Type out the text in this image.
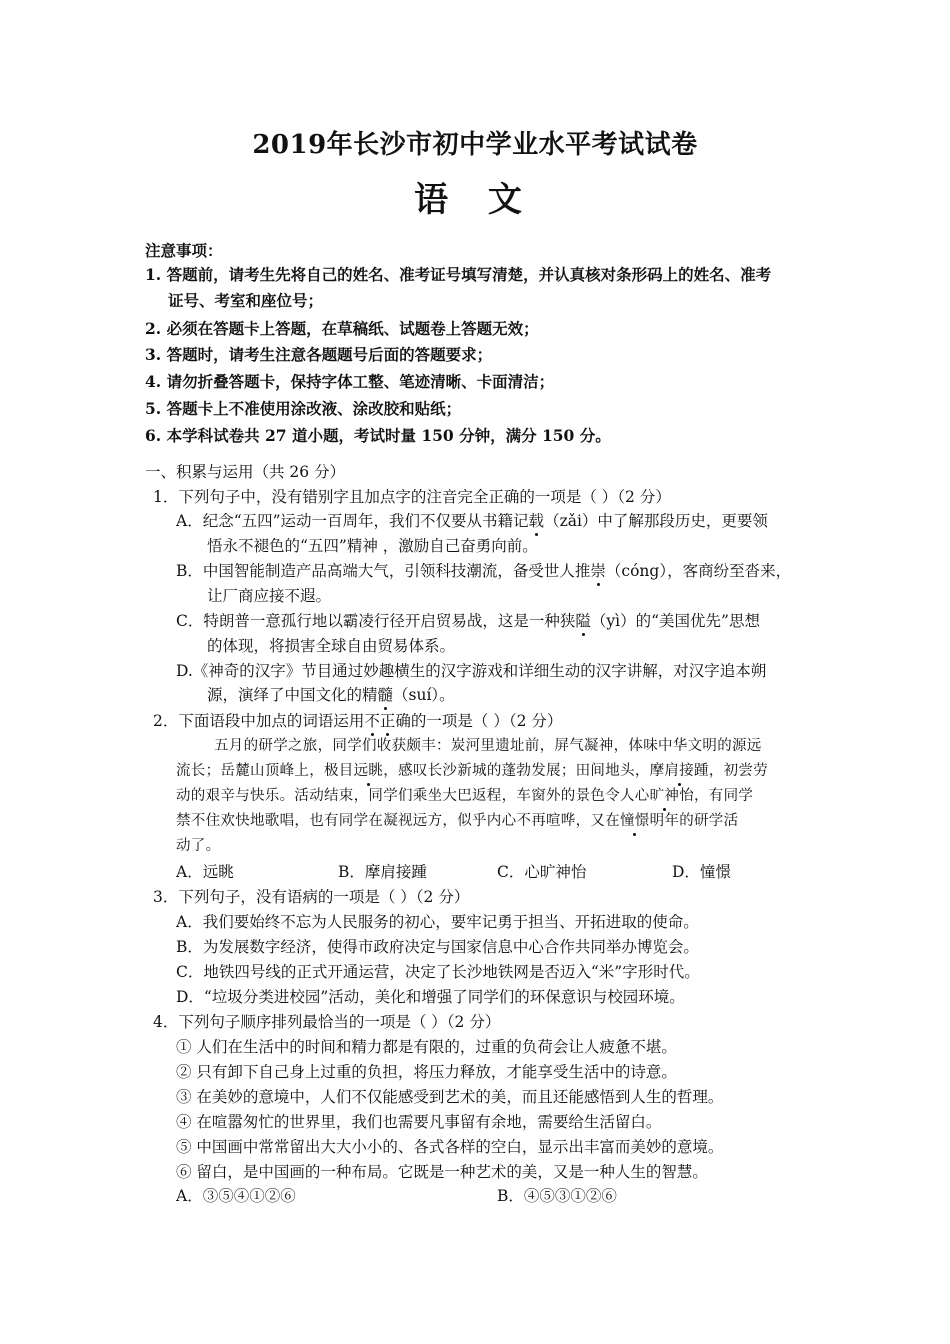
2019年长沙市初中学业水平考试试卷
语 文
注意事项：
1. 答题前，请考生先将自己的姓名、准考证号填写清楚，并认真核对条形码上的姓名、准考
证号、考室和座位号；
2. 必须在答题卡上答题，在草稿纸、试题卷上答题无效；
3. 答题时，请考生注意各题题号后面的答题要求；
4. 请勿折叠答题卡，保持字体工整、笔迹清晰、卡面清洁；
5. 答题卡上不准使用涂改液、涂改胶和贴纸；
6. 本学科试卷共 27 道小题，考试时量 150 分钟，满分 150 分。
一、积累与运用（共 26 分）
1．下列句子中，没有错别字且加点字的注音完全正确的一项是（ ）（2 分）
A．纪念“五四”运动一百周年，我们不仅要从书籍记载（zǎi）中了解那段历史，更要领
悟永不褪色的“五四”精神 ，激励自己奋勇向前。
B．中国智能制造产品高端大气，引领科技潮流，备受世人推崇（cóng），客商纷至沓来，
让厂商应接不遐。
C．特朗普一意孤行地以霸凌行径开启贸易战，这是一种狭隘（yì）的“美国优先”思想
的体现，将损害全球自由贸易体系。
D.《神奇的汉字》节目通过妙趣横生的汉字游戏和详细生动的汉字讲解，对汉字追本朔
源，演绎了中国文化的精髓（suí）。
2．下面语段中加点的词语运用不正确的一项是（ ）（2 分）
五月的研学之旅，同学们收获颇丰：炭河里遗址前，屏气凝神，体味中华文明的源远
流长；岳麓山顶峰上，极目远眺，感叹长沙新城的蓬勃发展；田间地头，摩肩接踵，初尝劳
动的艰辛与快乐。活动结束，同学们乘坐大巴返程，车窗外的景色令人心旷神怡，有同学
禁不住欢快地歌唱，也有同学在凝视远方，似乎内心不再喧哗，又在憧憬明年的研学活
动了。
A．远眺	B．摩肩接踵	C．心旷神怡	D．憧憬
3．下列句子，没有语病的一项是（ ）（2 分）
A．我们要始终不忘为人民服务的初心，要牢记勇于担当、开拓进取的使命。
B．为发展数字经济，使得市政府决定与国家信息中心合作共同举办博览会。
C．地铁四号线的正式开通运营，决定了长沙地铁网是否迈入“米”字形时代。
D．“垃圾分类进校园”活动，美化和增强了同学们的环保意识与校园环境。
4．下列句子顺序排列最恰当的一项是（ ）（2 分）
① 人们在生活中的时间和精力都是有限的，过重的负荷会让人疲惫不堪。
② 只有卸下自己身上过重的负担，将压力释放，才能享受生活中的诗意。
③ 在美妙的意境中，人们不仅能感受到艺术的美，而且还能感悟到人生的哲理。
④ 在喧嚣匆忙的世界里，我们也需要凡事留有余地，需要给生活留白。
⑤ 中国画中常常留出大大小小的、各式各样的空白，显示出丰富而美妙的意境。
⑥ 留白，是中国画的一种布局。它既是一种艺术的美，又是一种人生的智慧。
A．③⑤④①②⑥	B．④⑤③①②⑥
